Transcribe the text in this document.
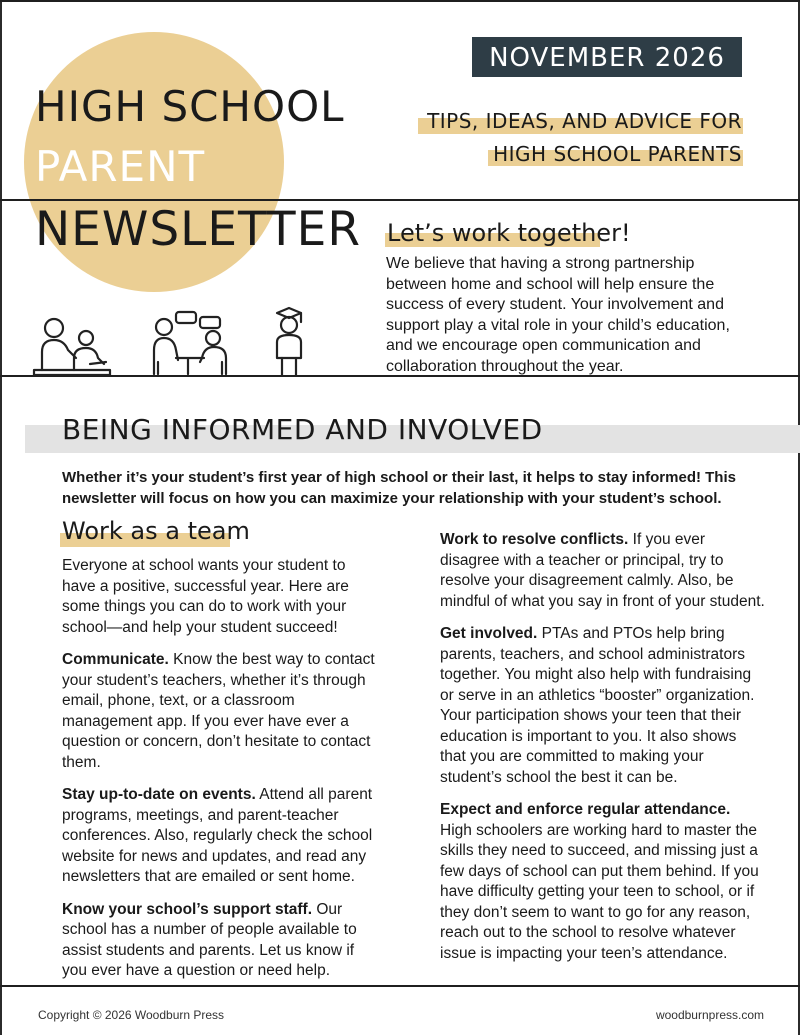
HIGH SCHOOL
PARENT
NEWSLETTER
NOVEMBER 2026
TIPS, IDEAS, AND ADVICE FOR
HIGH SCHOOL PARENTS
Let’s work together!
We believe that having a strong partnership between home and school will help ensure the success of every student. Your involvement and support play a vital role in your child’s education, and we encourage open communication and collaboration throughout the year.
BEING INFORMED AND INVOLVED
Whether it’s your student’s first year of high school or their last, it helps to stay informed! This newsletter will focus on how you can maximize your relationship with your student’s school.
Work as a team

Everyone at school wants your student to have a positive, successful year. Here are some things you can do to work with your school—and help your student succeed!

Communicate. Know the best way to contact your student’s teachers, whether it’s through email, phone, text, or a classroom management app. If you ever have ever a question or concern, don’t hesitate to contact them.

Stay up-to-date on events. Attend all parent programs, meetings, and parent-teacher conferences. Also, regularly check the school website for news and updates, and read any newsletters that are emailed or sent home.

Know your school’s support staff. Our school has a number of people available to assist students and parents. Let us know if you ever have a question or need help.

Work to resolve conflicts. If you ever disagree with a teacher or principal, try to resolve your disagreement calmly. Also, be mindful of what you say in front of your student.

Get involved. PTAs and PTOs help bring parents, teachers, and school administrators together. You might also help with fundraising or serve in an athletics “booster” organization. Your participation shows your teen that their education is important to you. It also shows that you are committed to making your student’s school the best it can be.

Expect and enforce regular attendance. High schoolers are working hard to master the skills they need to succeed, and missing just a few days of school can put them behind. If you have difficulty getting your teen to school, or if they don’t seem to want to go for any reason, reach out to the school to resolve whatever issue is impacting your teen’s attendance.

Copyright © 2026 Woodburn Press	woodburnpress.com
